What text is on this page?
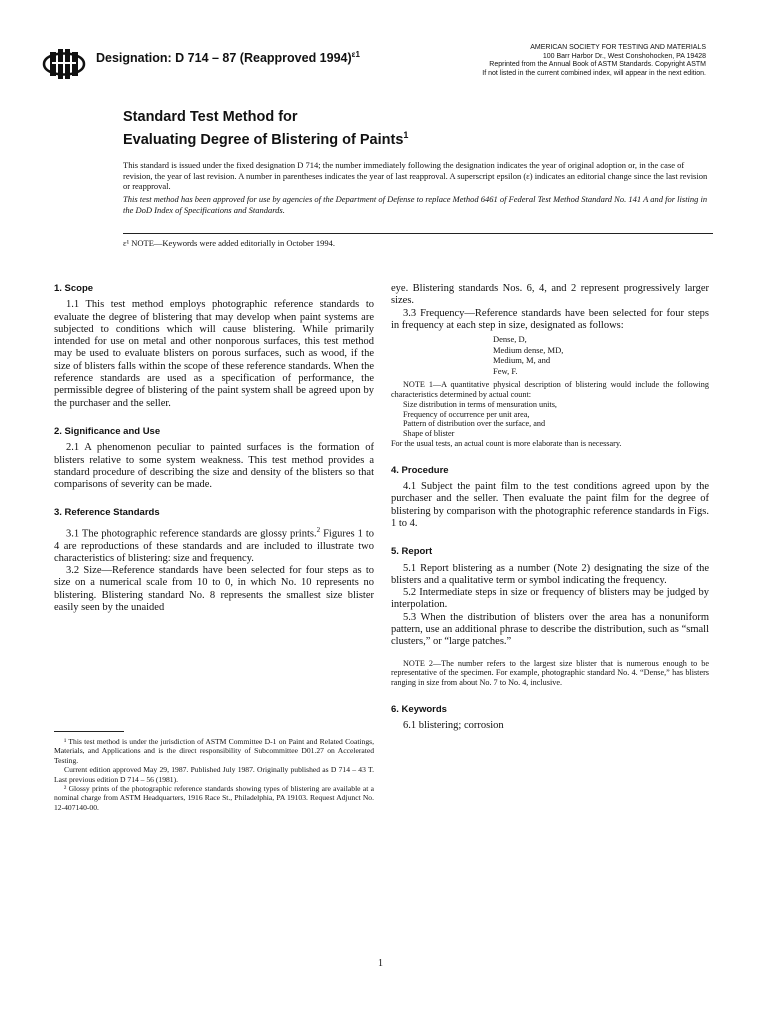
Designation: D 714 – 87 (Reapproved 1994)$^{\varepsilon 1}$
AMERICAN SOCIETY FOR TESTING AND MATERIALS
100 Barr Harbor Dr., West Conshohocken, PA 19428
Reprinted from the Annual Book of ASTM Standards. Copyright ASTM
If not listed in the current combined index, will appear in the next edition.
Standard Test Method for
Evaluating Degree of Blistering of Paints$^1$
This standard is issued under the fixed designation D 714; the number immediately following the designation indicates the year of original adoption or, in the case of revision, the year of last revision. A number in parentheses indicates the year of last reapproval. A superscript epsilon (ε) indicates an editorial change since the last revision or reapproval.
This test method has been approved for use by agencies of the Department of Defense to replace Method 6461 of Federal Test Method Standard No. 141 A and for listing in the DoD Index of Specifications and Standards.
ε¹ NOTE—Keywords were added editorially in October 1994.

1. Scope

1.1 This test method employs photographic reference standards to evaluate the degree of blistering that may develop when paint systems are subjected to conditions which will cause blistering. While primarily intended for use on metal and other nonporous surfaces, this test method may be used to evaluate blisters on porous surfaces, such as wood, if the size of blisters falls within the scope of these reference standards. When the reference standards are used as a specification of performance, the permissible degree of blistering of the paint system shall be agreed upon by the purchaser and the seller.

2. Significance and Use

2.1 A phenomenon peculiar to painted surfaces is the formation of blisters relative to some system weakness. This test method provides a standard procedure of describing the size and density of the blisters so that comparisons of severity can be made.

3. Reference Standards

3.1 The photographic reference standards are glossy prints.$^2$ Figures 1 to 4 are reproductions of these standards and are included to illustrate two characteristics of blistering: size and frequency.

3.2 Size—Reference standards have been selected for four steps as to size on a numerical scale from 10 to 0, in which No. 10 represents no blistering. Blistering standard No. 8 represents the smallest size blister easily seen by the unaided

¹ This test method is under the jurisdiction of ASTM Committee D-1 on Paint and Related Coatings, Materials, and Applications and is the direct responsibility of Subcommittee D01.27 on Accelerated Testing.

Current edition approved May 29, 1987. Published July 1987. Originally published as D 714 – 43 T. Last previous edition D 714 – 56 (1981).

² Glossy prints of the photographic reference standards showing types of blistering are available at a nominal charge from ASTM Headquarters, 1916 Race St., Philadelphia, PA 19103. Request Adjunct No. 12-407140-00.

eye. Blistering standards Nos. 6, 4, and 2 represent progressively larger sizes.

3.3 Frequency—Reference standards have been selected for four steps in frequency at each step in size, designated as follows:

Dense, D,
Medium dense, MD,
Medium, M, and
Few, F.

NOTE 1—A quantitative physical description of blistering would include the following characteristics determined by actual count:

Size distribution in terms of mensuration units,
Frequency of occurrence per unit area,
Pattern of distribution over the surface, and
Shape of blister

For the usual tests, an actual count is more elaborate than is necessary.

4. Procedure

4.1 Subject the paint film to the test conditions agreed upon by the purchaser and the seller. Then evaluate the paint film for the degree of blistering by comparison with the photographic reference standards in Figs. 1 to 4.

5. Report

5.1 Report blistering as a number (Note 2) designating the size of the blisters and a qualitative term or symbol indicating the frequency.

5.2 Intermediate steps in size or frequency of blisters may be judged by interpolation.

5.3 When the distribution of blisters over the area has a nonuniform pattern, use an additional phrase to describe the distribution, such as “small clusters,” or “large patches.”

NOTE 2—The number refers to the largest size blister that is numerous enough to be representative of the specimen. For example, photographic standard No. 4. “Dense,” has blisters ranging in size from about No. 7 to No. 4, inclusive.

6. Keywords

6.1 blistering; corrosion

1
